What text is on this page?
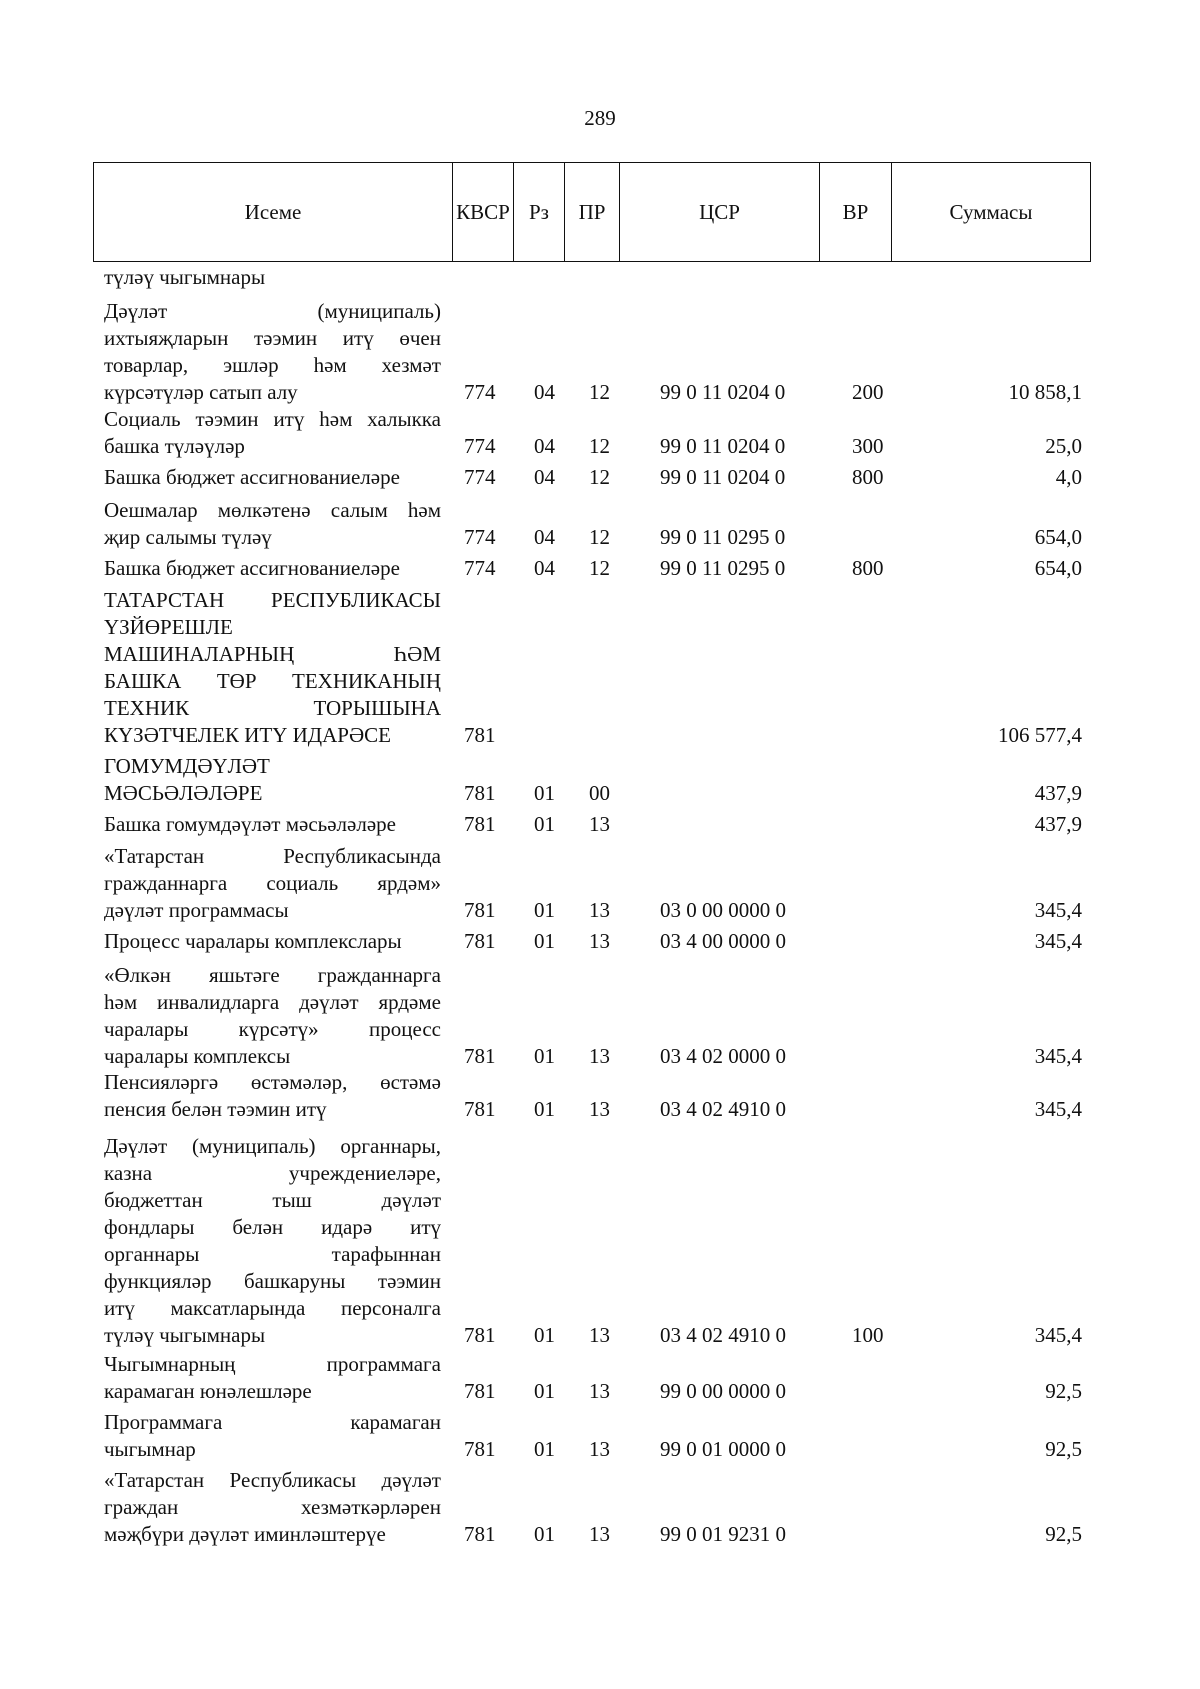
289
Исеме	КВСР Рз	ПР	ЦСР	ВР	Суммасы
түләү чыгымнары
Дәүләт (муниципаль)
ихтыяҗларын тәэмин итү өчен
товарлар, эшләр һәм хезмәт
күрсәтүләр сатып алу	774 04 12 99 0 11 0204 0	200	10 858,1
Социаль тәэмин итү һәм халыкка
башка түләүләр	774 04 12 99 0 11 0204 0	300	25,0
Башка бюджет ассигнованиеләре	774 04 12 99 0 11 0204 0	800	4,0
Оешмалар мөлкәтенә салым һәм
җир салымы түләү	774 04 12 99 0 11 0295 0	654,0
Башка бюджет ассигнованиеләре	774 04 12 99 0 11 0295 0	800	654,0
ТАТАРСТАН РЕСПУБЛИКАСЫ
ҮЗЙӨРЕШЛЕ
МАШИНАЛАРНЫҢ ҺӘМ
БАШКА ТӨР ТЕХНИКАНЫҢ
ТЕХНИК ТОРЫШЫНА
КҮЗӘТЧЕЛЕК ИТҮ ИДАРӘСЕ	781	106 577,4
ГОМУМДӘҮЛӘТ
МӘСЬӘЛӘЛӘРЕ	781 01 00	437,9
Башка гомумдәүләт мәсьәләләре	781 01 13	437,9
«Татарстан Республикасында
гражданнарга социаль ярдәм»
дәүләт программасы	781 01 13 03 0 00 0000 0	345,4
Процесс чаралары комплекслары	781 01 13 03 4 00 0000 0	345,4
«Өлкән яшьтәге гражданнарга
һәм инвалидларга дәүләт ярдәме
чаралары күрсәтү» процесс
чаралары комплексы	781 01 13 03 4 02 0000 0	345,4
Пенсияләргә өстәмәләр, өстәмә
пенсия белән тәэмин итү	781 01 13 03 4 02 4910 0	345,4
Дәүләт (муниципаль) органнары,
казна учреждениеләре,
бюджеттан тыш дәүләт
фондлары белән идарә итү
органнары тарафыннан
функцияләр башкаруны тәэмин
итү максатларында персоналга
түләү чыгымнары	781 01 13 03 4 02 4910 0	100	345,4
Чыгымнарның программага
карамаган юнәлешләре	781 01 13 99 0 00 0000 0	92,5
Программага карамаган
чыгымнар	781 01 13 99 0 01 0000 0	92,5
«Татарстан Республикасы дәүләт
граждан хезмәткәрләрен
мәҗбүри дәүләт иминләштерүе	781 01 13 99 0 01 9231 0	92,5
